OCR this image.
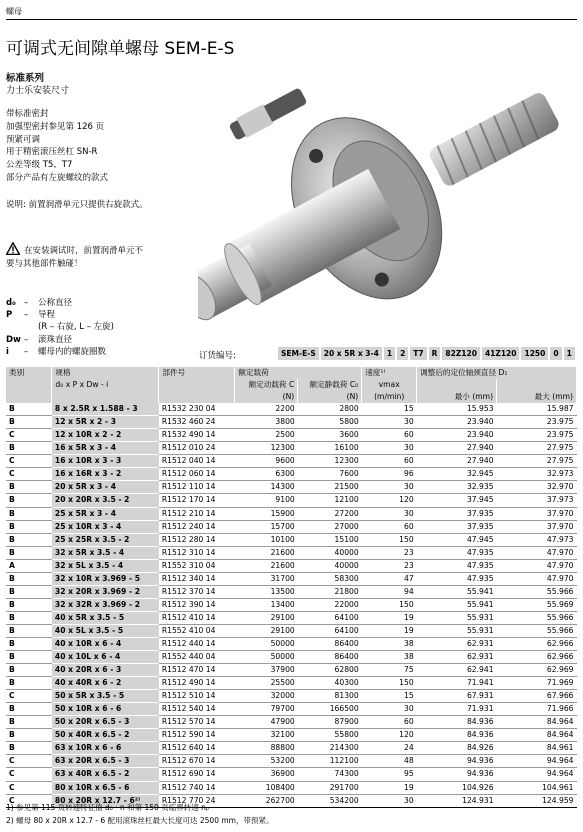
螺母
可调式无间隙单螺母 SEM-E-S
标准系列
力士乐安装尺寸
带标准密封
加强型密封参见第 126 页
预紧可调
用于精密滚压丝杠 SN-R
公差等级 T5、T7
部分产品有左旋螺纹的款式
说明: 前置润滑单元只提供右旋款式。
在安装调试时，前置润滑单元不
要与其他部件触碰！
d₀ – 公称直径
P – 导程
(R – 右旋, L – 左旋)
Dw – 滚珠直径
i – 螺母内的螺旋圈数	订货编号:	SEM-E-S	20 x 5R x 3-4	1	2	T7	R	82Z120	41Z120	1250	0	1
类别	规格	部件号	额定载荷		速度¹⁾	调整后的定位轴颈直径 D₁	
	d₀ x P x Dw - i		额定动载荷 C	额定静载荷 C₀	vmax		
			(N)	(N)	(m/min)	最小 (mm)	最大 (mm)
B	8 x 2.5R x 1.588 - 3	R1532 230 04	2200	2800	15	15.953	15.987
B	12 x 5R x 2 - 3	R1532 460 24	3800	5800	30	23.940	23.975
C	12 x 10R x 2 - 2	R1532 490 14	2500	3600	60	23.940	23.975
B	16 x 5R x 3 - 4	R1512 010 24	12300	16100	30	27.940	27.975
C	16 x 10R x 3 - 3	R1512 040 14	9600	12300	60	27.940	27.975
C	16 x 16R x 3 - 2	R1512 060 14	6300	7600	96	32.945	32.973
B	20 x 5R x 3 - 4	R1512 110 14	14300	21500	30	32.935	32.970
B	20 x 20R x 3.5 - 2	R1512 170 14	9100	12100	120	37.945	37.973
B	25 x 5R x 3 - 4	R1512 210 14	15900	27200	30	37.935	37.970
B	25 x 10R x 3 - 4	R1512 240 14	15700	27000	60	37.935	37.970
B	25 x 25R x 3.5 - 2	R1512 280 14	10100	15100	150	47.945	47.973
B	32 x 5R x 3.5 - 4	R1512 310 14	21600	40000	23	47.935	47.970
A	32 x 5L x 3.5 - 4	R1552 310 04	21600	40000	23	47.935	47.970
B	32 x 10R x 3.969 - 5	R1512 340 14	31700	58300	47	47.935	47.970
B	32 x 20R x 3.969 - 2	R1512 370 14	13500	21800	94	55.941	55.966
B	32 x 32R x 3.969 - 2	R1512 390 14	13400	22000	150	55.941	55.969
B	40 x 5R x 3.5 - 5	R1512 410 14	29100	64100	19	55.931	55.966
B	40 x 5L x 3.5 - 5	R1552 410 04	29100	64100	19	55.931	55.966
B	40 x 10R x 6 - 4	R1512 440 14	50000	86400	38	62.931	62.966
B	40 x 10L x 6 - 4	R1552 440 04	50000	86400	38	62.931	62.966
B	40 x 20R x 6 - 3	R1512 470 14	37900	62800	75	62.941	62.969
B	40 x 40R x 6 - 2	R1512 490 14	25500	40300	150	71.941	71.969
C	50 x 5R x 3.5 - 5	R1512 510 14	32000	81300	15	67.931	67.966
B	50 x 10R x 6 - 6	R1512 540 14	79700	166500	30	71.931	71.966
B	50 x 20R x 6.5 - 3	R1512 570 14	47900	87900	60	84.936	84.964
B	50 x 40R x 6.5 - 2	R1512 590 14	32100	55800	120	84.936	84.964
B	63 x 10R x 6 - 6	R1512 640 14	88800	214300	24	84.926	84.961
C	63 x 20R x 6.5 - 3	R1512 670 14	53200	112100	48	94.936	94.964
C	63 x 40R x 6.5 - 2	R1512 690 14	36900	74300	95	94.936	94.964
C	80 x 10R x 6.5 - 6	R1512 740 14	108400	291700	19	104.926	104.961
C	80 x 20R x 12.7 - 6²⁾	R1512 770 24	262700	534200	30	124.931	124.959
1) 参见第 115 页转速特征值 d₀ · n 和第 150 页临界转速 nₚ
2) 螺母 80 x 20R x 12.7 - 6 配用滚珠丝杠最大长度可达 2500 mm，带预紧。
